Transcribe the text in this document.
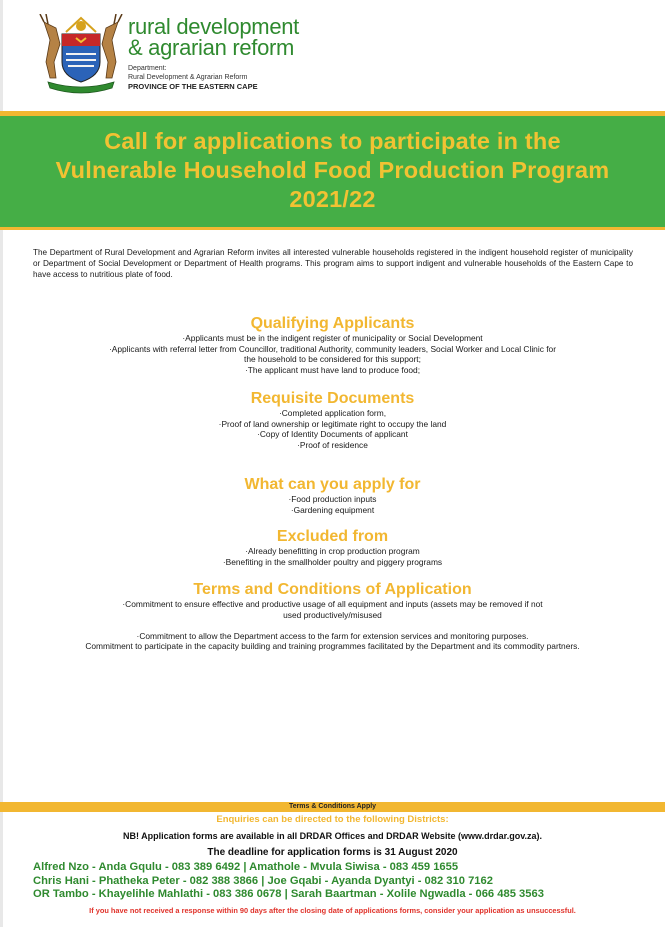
rural development
& agrarian reform
Department:
Rural Development & Agrarian Reform
PROVINCE OF THE EASTERN CAPE
Call for applications to participate in the
Vulnerable Household Food Production Program
2021/22
The Department of Rural Development and Agrarian Reform invites all interested vulnerable households registered in the indigent household register of municipality or Department of Social Development or Department of Health programs. This program aims to support indigent and vulnerable households of the Eastern Cape to have access to nutritious plate of food.
Qualifying Applicants
·Applicants must be in the indigent register of municipality or Social Development
·Applicants with referral letter from Councillor, traditional Authority, community leaders, Social Worker and Local Clinic for
the household to be considered for this support;
·The applicant must have land to produce food;
Requisite Documents
·Completed application form,
·Proof of land ownership or legitimate right to occupy the land
·Copy of Identity Documents of applicant
·Proof of residence
What can you apply for
·Food production inputs
·Gardening equipment
Excluded from
·Already benefitting in crop production program
·Benefiting in the smallholder poultry and piggery programs
Terms and Conditions of Application
·Commitment to ensure effective and productive usage of all equipment and inputs (assets may be removed if not
used productively/misused
·Commitment to allow the Department access to the farm for extension services and monitoring purposes.
Commitment to participate in the capacity building and training programmes facilitated by the Department and its commodity partners.
Terms & Conditions Apply
Enquiries can be directed to the following Districts:
NB! Application forms are available in all DRDAR Offices and DRDAR Website (www.drdar.gov.za).
The deadline for application forms is 31 August 2020
Alfred Nzo - Anda Gqulu - 083 389 6492 | Amathole - Mvula Siwisa - 083 459 1655
Chris Hani - Phatheka Peter - 082 388 3866 | Joe Gqabi - Ayanda Dyantyi - 082 310 7162
OR Tambo - Khayelihle Mahlathi - 083 386 0678 | Sarah Baartman - Xolile Ngwadla - 066 485 3563
If you have not received a response within 90 days after the closing date of applications forms, consider your application as unsuccessful.
